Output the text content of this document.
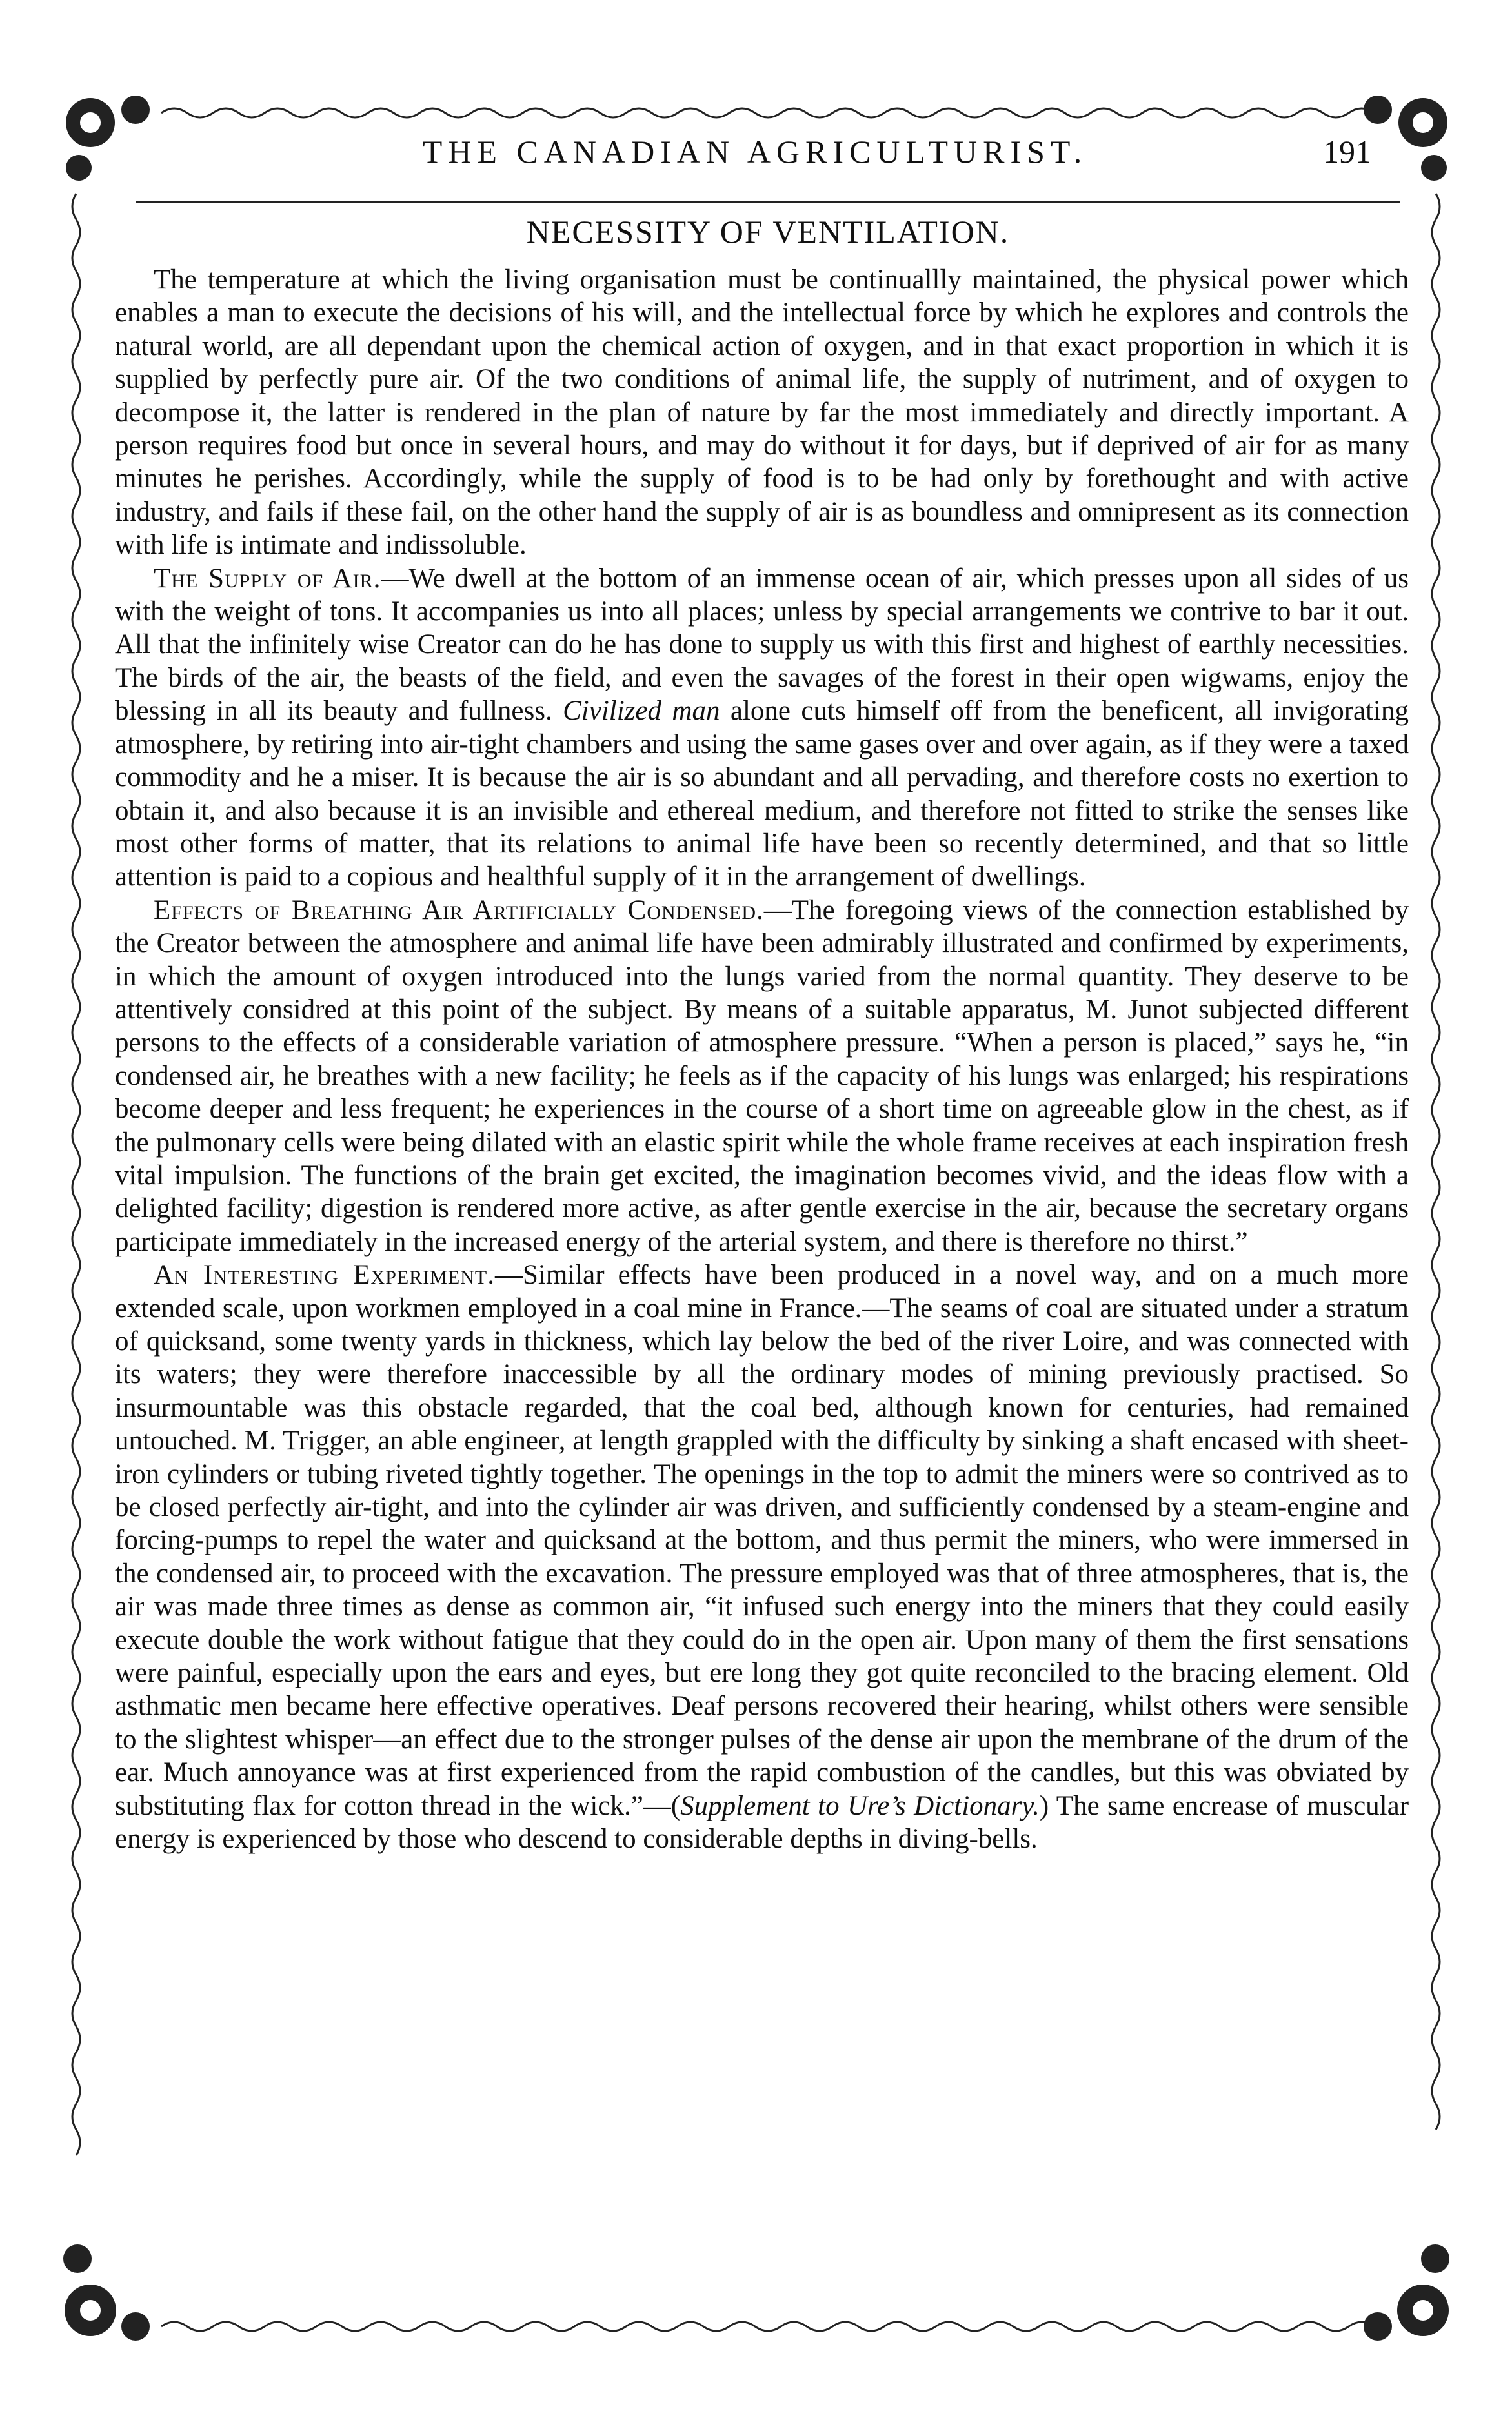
THE CANADIAN AGRICULTURIST.	191
NECESSITY OF VENTILATION.

The temperature at which the living organisation must be continuallly maintained, the physical power which enables a man to execute the decisions of his will, and the intellectual force by which he explores and controls the natural world, are all dependant upon the chemical action of oxygen, and in that exact proportion in which it is supplied by perfectly pure air. Of the two conditions of animal life, the supply of nutriment, and of oxygen to decompose it, the latter is rendered in the plan of nature by far the most immediately and directly important. A person requires food but once in several hours, and may do without it for days, but if deprived of air for as many minutes he perishes. Accordingly, while the supply of food is to be had only by forethought and with active industry, and fails if these fail, on the other hand the supply of air is as boundless and omnipresent as its connection with life is intimate and indissoluble.

The Supply of Air.—We dwell at the bottom of an immense ocean of air, which presses upon all sides of us with the weight of tons. It accompanies us into all places; unless by special arrangements we contrive to bar it out. All that the infinitely wise Creator can do he has done to supply us with this first and highest of earthly necessities. The birds of the air, the beasts of the field, and even the savages of the forest in their open wigwams, enjoy the blessing in all its beauty and fullness. Civilized man alone cuts himself off from the beneficent, all invigorating atmosphere, by retiring into air-tight chambers and using the same gases over and over again, as if they were a taxed commodity and he a miser. It is because the air is so abundant and all pervading, and therefore costs no exertion to obtain it, and also because it is an invisible and ethereal medium, and therefore not fitted to strike the senses like most other forms of matter, that its relations to animal life have been so recently determined, and that so little attention is paid to a copious and healthful supply of it in the arrangement of dwellings.

Effects of Breathing Air Artificially Condensed.—The foregoing views of the connection established by the Creator between the atmosphere and animal life have been admirably illustrated and confirmed by experiments, in which the amount of oxygen introduced into the lungs varied from the normal quantity. They deserve to be attentively considred at this point of the subject. By means of a suitable apparatus, M. Junot subjected different persons to the effects of a considerable variation of atmosphere pressure. “When a person is placed,” says he, “in condensed air, he breathes with a new facility; he feels as if the capacity of his lungs was enlarged; his respirations become deeper and less frequent; he experiences in the course of a short time on agreeable glow in the chest, as if the pulmonary cells were being dilated with an elastic spirit while the whole frame receives at each inspiration fresh vital impulsion. The functions of the brain get excited, the imagination becomes vivid, and the ideas flow with a delighted facility; digestion is rendered more active, as after gentle exercise in the air, because the secretary organs participate immediately in the increased energy of the arterial system, and there is therefore no thirst.”

An Interesting Experiment.—Similar effects have been produced in a novel way, and on a much more extended scale, upon workmen employed in a coal mine in France.—The seams of coal are situated under a stratum of quicksand, some twenty yards in thickness, which lay below the bed of the river Loire, and was connected with its waters; they were therefore inaccessible by all the ordinary modes of mining previously practised. So insurmountable was this obstacle regarded, that the coal bed, although known for centuries, had remained untouched. M. Trigger, an able engineer, at length grappled with the difficulty by sinking a shaft encased with sheet-iron cylinders or tubing riveted tightly together. The openings in the top to admit the miners were so contrived as to be closed perfectly air-tight, and into the cylinder air was driven, and sufficiently condensed by a steam-engine and forcing-pumps to repel the water and quicksand at the bottom, and thus permit the miners, who were immersed in the condensed air, to proceed with the excavation. The pressure employed was that of three atmospheres, that is, the air was made three times as dense as common air, “it infused such energy into the miners that they could easily execute double the work without fatigue that they could do in the open air. Upon many of them the first sensations were painful, especially upon the ears and eyes, but ere long they got quite reconciled to the bracing element. Old asthmatic men became here effective operatives. Deaf persons recovered their hearing, whilst others were sensible to the slightest whisper—an effect due to the stronger pulses of the dense air upon the membrane of the drum of the ear. Much annoyance was at first experienced from the rapid combustion of the candles, but this was obviated by substituting flax for cotton thread in the wick.”—(Supplement to Ure’s Dictionary.) The same encrease of muscular energy is experienced by those who descend to considerable depths in diving-bells.
